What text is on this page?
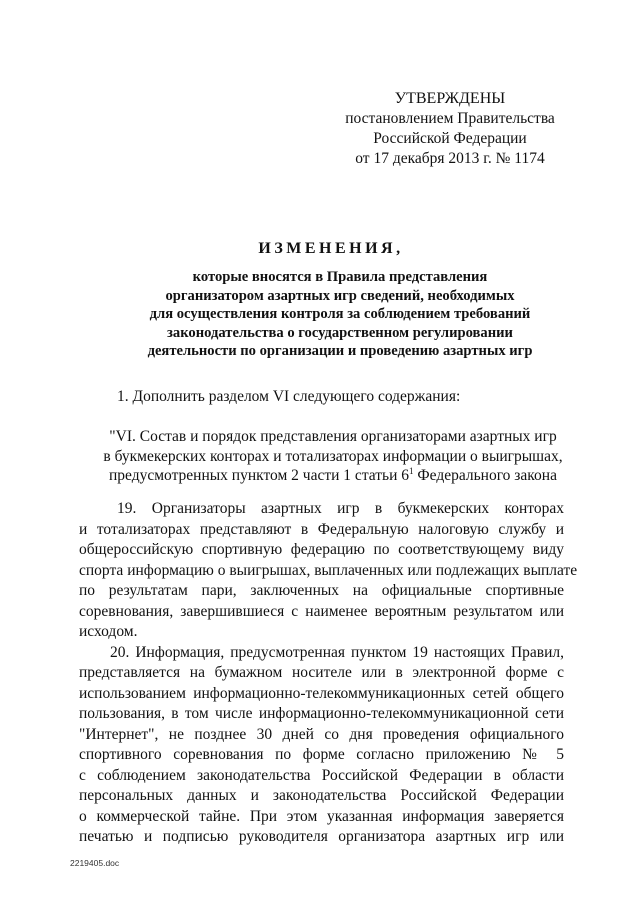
УТВЕРЖДЕНЫ
постановлением Правительства
Российской Федерации
от 17 декабря 2013 г. № 1174
ИЗМЕНЕНИЯ,
которые вносятся в Правила представления
организатором азартных игр сведений, необходимых
для осуществления контроля за соблюдением требований
законодательства о государственном регулировании
деятельности по организации и проведению азартных игр
1. Дополнить разделом VI следующего содержания:
"VI. Состав и порядок представления организаторами азартных игр
в букмекерских конторах и тотализаторах информации о выигрышах,
предусмотренных пунктом 2 части 1 статьи $6^1$ Федерального закона
19. Организаторы азартных игр в букмекерских конторах
и тотализаторах представляют в Федеральную налоговую службу и
общероссийскую спортивную федерацию по соответствующему виду
спорта информацию о выигрышах, выплаченных или подлежащих выплате
по результатам пари, заключенных на официальные спортивные
соревнования, завершившиеся с наименее вероятным результатом или
исходом.
20. Информация, предусмотренная пунктом 19 настоящих Правил,
представляется на бумажном носителе или в электронной форме с
использованием информационно-телекоммуникационных сетей общего
пользования, в том числе информационно-телекоммуникационной сети
"Интернет", не позднее 30 дней со дня проведения официального
спортивного соревнования по форме согласно приложению № 5
с соблюдением законодательства Российской Федерации в области
персональных данных и законодательства Российской Федерации
о коммерческой тайне. При этом указанная информация заверяется
печатью и подписью руководителя организатора азартных игр или
2219405.doc
